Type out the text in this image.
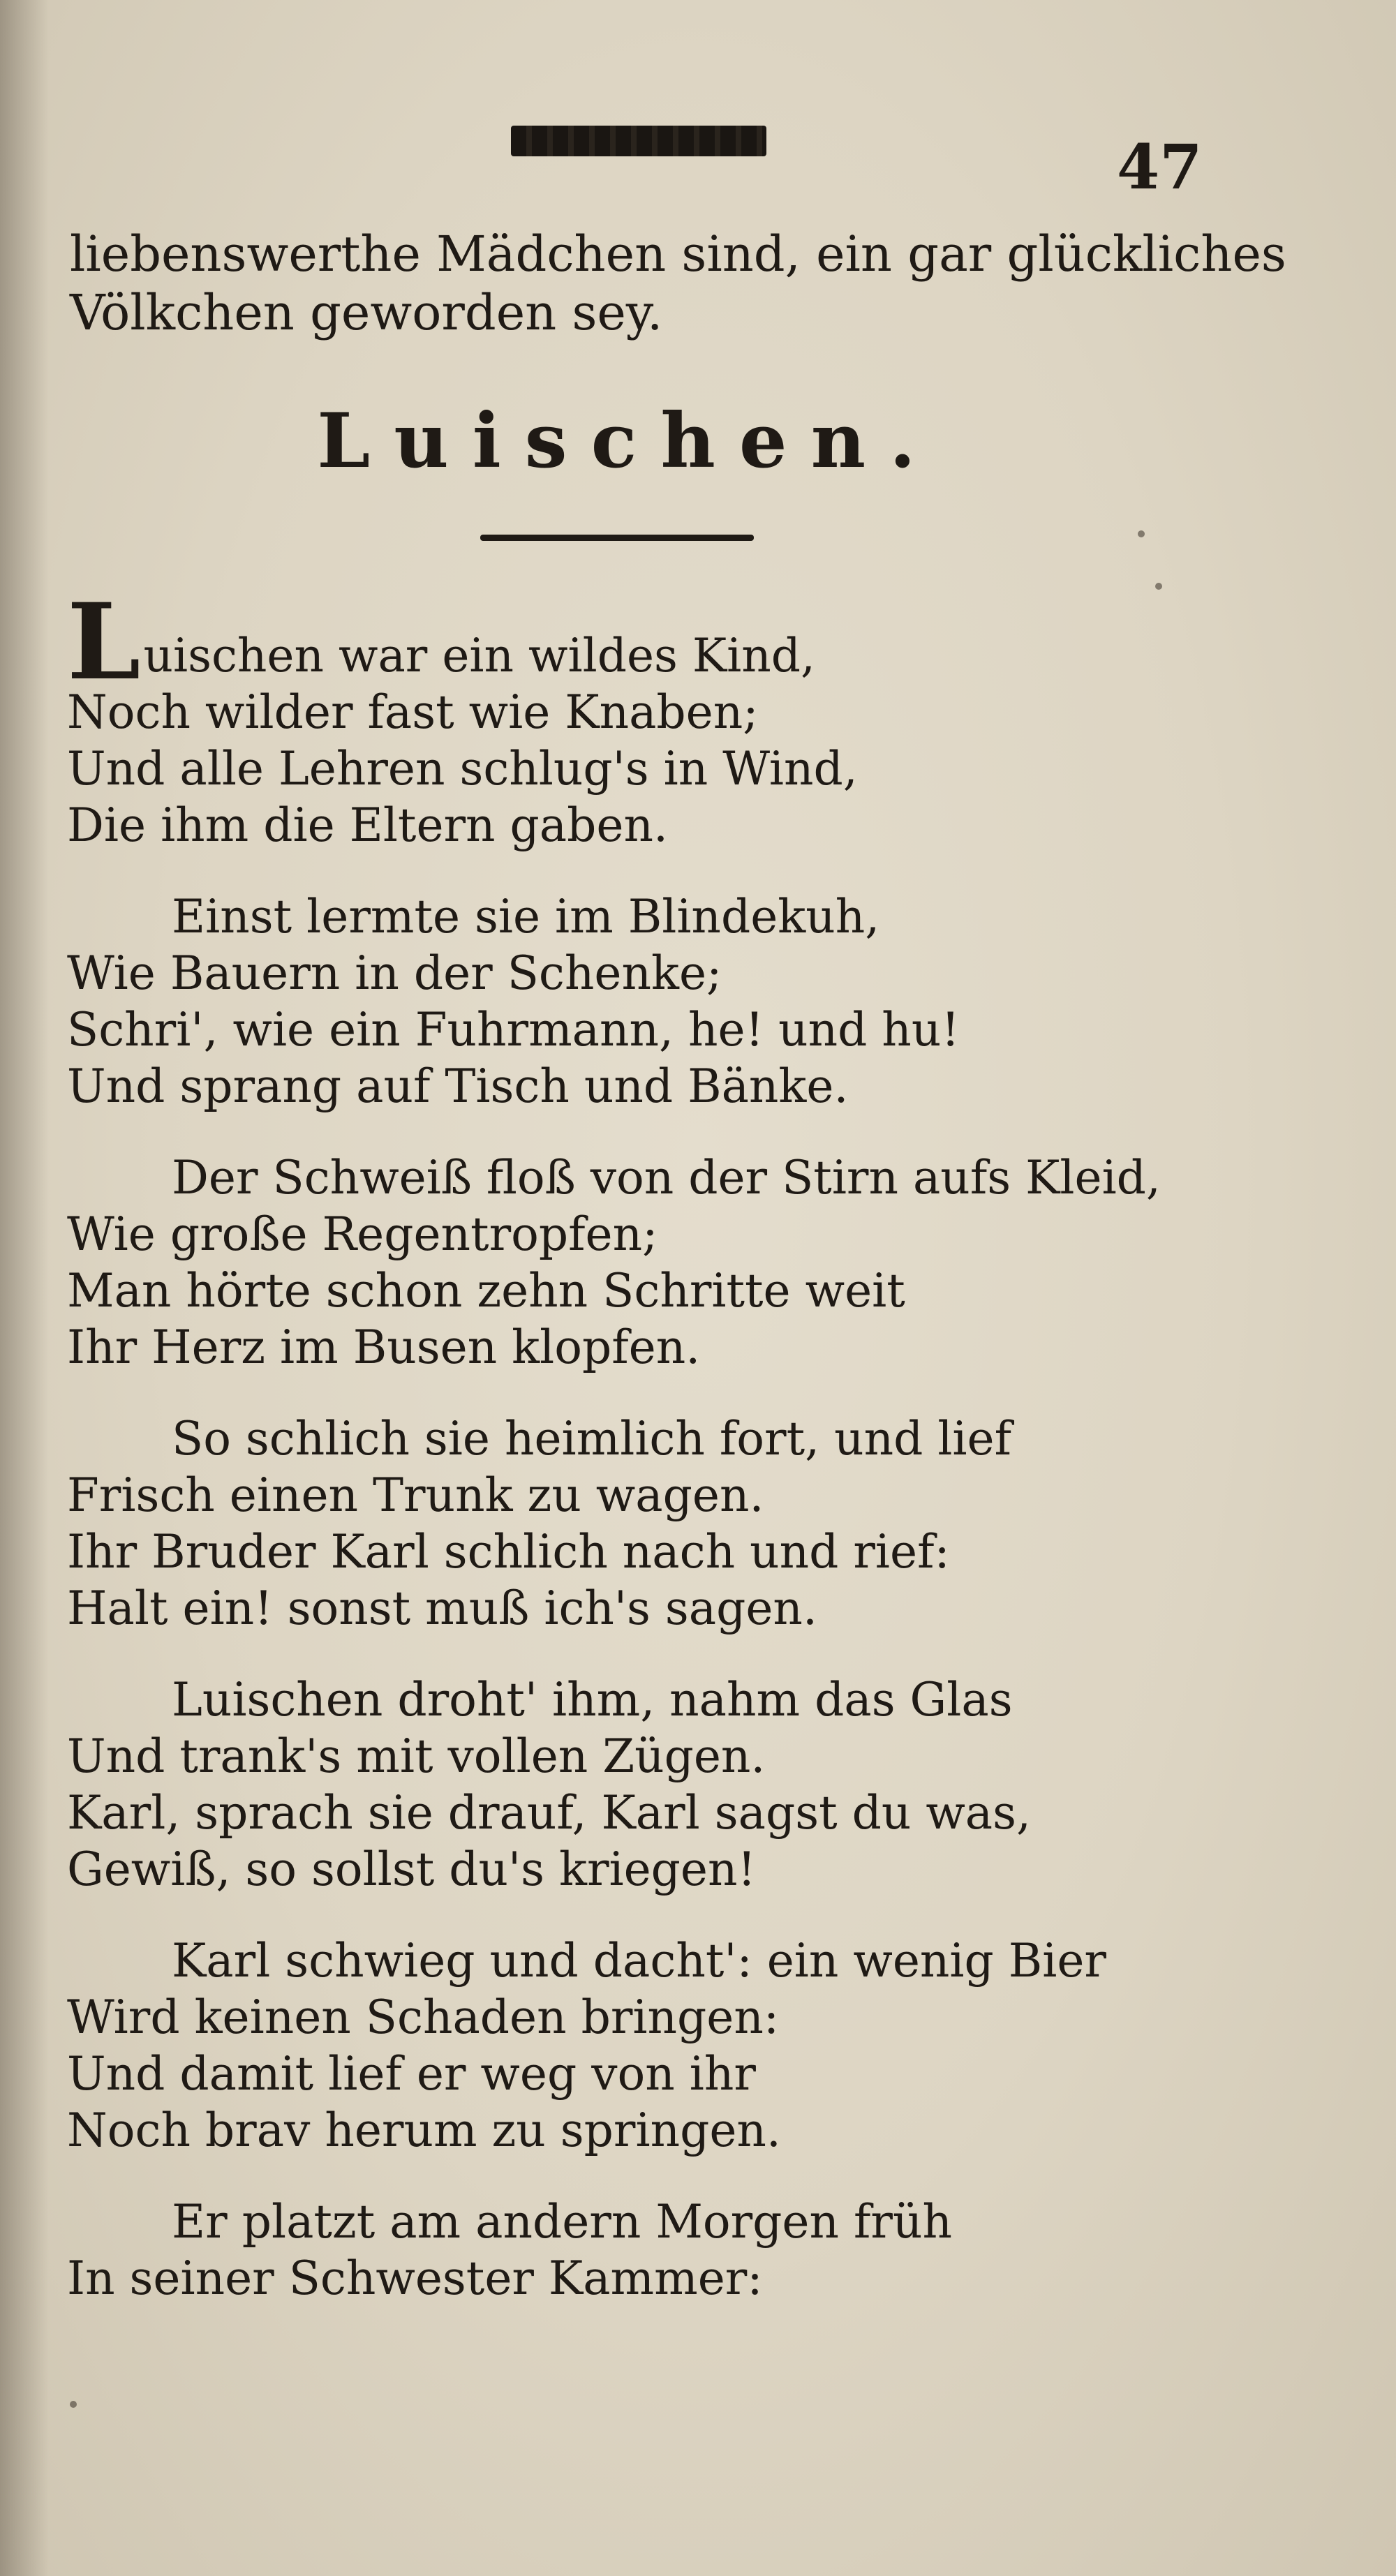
47
liebenswerthe Mädchen sind, ein gar glückliches
Völkchen geworden sey.
Luischen.
Luischen war ein wildes Kind,
Noch wilder fast wie Knaben;
Und alle Lehren schlug's in Wind,
Die ihm die Eltern gaben.
Einst lermte sie im Blindekuh,
Wie Bauern in der Schenke;
Schri', wie ein Fuhrmann, he! und hu!
Und sprang auf Tisch und Bänke.
Der Schweiß floß von der Stirn aufs Kleid,
Wie große Regentropfen;
Man hörte schon zehn Schritte weit
Ihr Herz im Busen klopfen.
So schlich sie heimlich fort, und lief
Frisch einen Trunk zu wagen.
Ihr Bruder Karl schlich nach und rief:
Halt ein! sonst muß ich's sagen.
Luischen droht' ihm, nahm das Glas
Und trank's mit vollen Zügen.
Karl, sprach sie drauf, Karl sagst du was,
Gewiß, so sollst du's kriegen!
Karl schwieg und dacht': ein wenig Bier
Wird keinen Schaden bringen:
Und damit lief er weg von ihr
Noch brav herum zu springen.
Er platzt am andern Morgen früh
In seiner Schwester Kammer:
